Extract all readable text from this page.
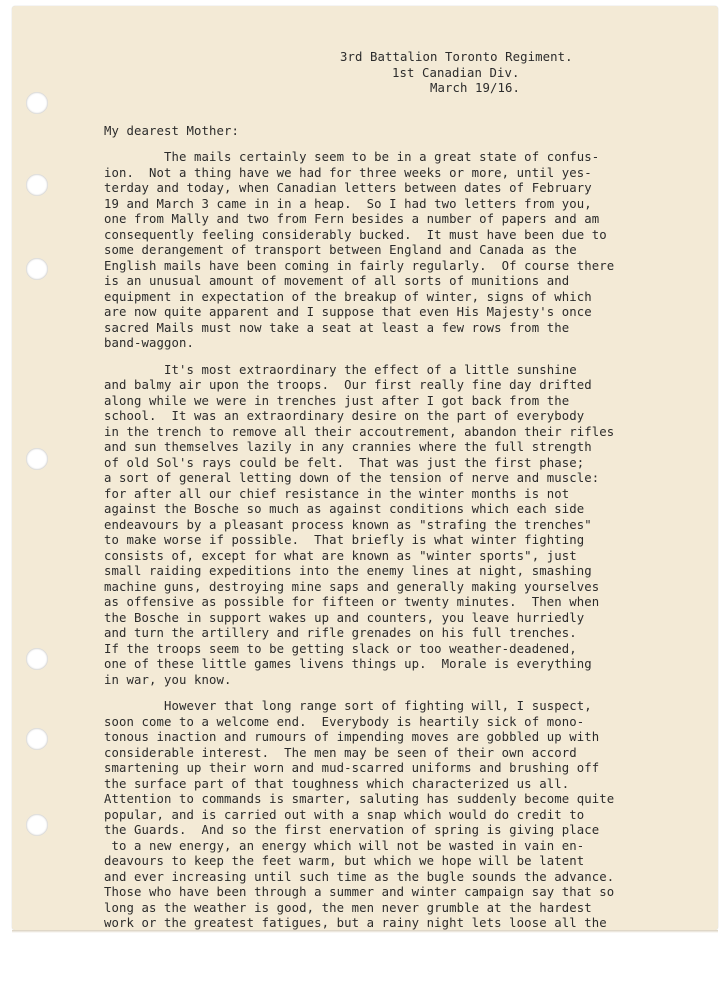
3rd Battalion Toronto Regiment.
1st Canadian Div.
March 19/16.
My dearest Mother:
The mails certainly seem to be in a great state of confus-
ion.  Not a thing have we had for three weeks or more, until yes-
terday and today, when Canadian letters between dates of February
19 and March 3 came in in a heap.  So I had two letters from you,
one from Mally and two from Fern besides a number of papers and am
consequently feeling considerably bucked.  It must have been due to
some derangement of transport between England and Canada as the
English mails have been coming in fairly regularly.  Of course there
is an unusual amount of movement of all sorts of munitions and
equipment in expectation of the breakup of winter, signs of which
are now quite apparent and I suppose that even His Majesty's once
sacred Mails must now take a seat at least a few rows from the
band-waggon.
It's most extraordinary the effect of a little sunshine
and balmy air upon the troops.  Our first really fine day drifted
along while we were in trenches just after I got back from the
school.  It was an extraordinary desire on the part of everybody
in the trench to remove all their accoutrement, abandon their rifles
and sun themselves lazily in any crannies where the full strength
of old Sol's rays could be felt.  That was just the first phase;
a sort of general letting down of the tension of nerve and muscle:
for after all our chief resistance in the winter months is not
against the Bosche so much as against conditions which each side
endeavours by a pleasant process known as "strafing the trenches"
to make worse if possible.  That briefly is what winter fighting
consists of, except for what are known as "winter sports", just
small raiding expeditions into the enemy lines at night, smashing
machine guns, destroying mine saps and generally making yourselves
as offensive as possible for fifteen or twenty minutes.  Then when
the Bosche in support wakes up and counters, you leave hurriedly
and turn the artillery and rifle grenades on his full trenches.
If the troops seem to be getting slack or too weather-deadened,
one of these little games livens things up.  Morale is everything
in war, you know.
However that long range sort of fighting will, I suspect,
soon come to a welcome end.  Everybody is heartily sick of mono-
tonous inaction and rumours of impending moves are gobbled up with
considerable interest.  The men may be seen of their own accord
smartening up their worn and mud-scarred uniforms and brushing off
the surface part of that toughness which characterized us all.
Attention to commands is smarter, saluting has suddenly become quite
popular, and is carried out with a snap which would do credit to
the Guards.  And so the first enervation of spring is giving place
to a new energy, an energy which will not be wasted in vain en-
deavours to keep the feet warm, but which we hope will be latent
and ever increasing until such time as the bugle sounds the advance.
Those who have been through a summer and winter campaign say that so
long as the weather is good, the men never grumble at the hardest
work or the greatest fatigues, but a rainy night lets loose all the
